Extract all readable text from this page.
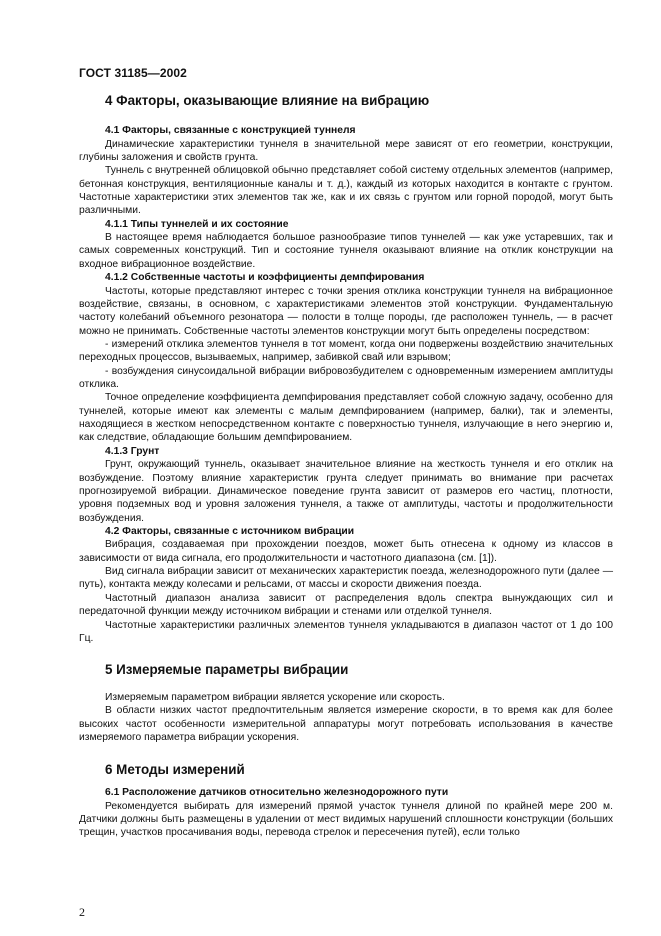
ГОСТ 31185—2002
4 Факторы, оказывающие влияние на вибрацию
4.1 Факторы, связанные с конструкцией туннеля

Динамические характеристики туннеля в значительной мере зависят от его геометрии, конструкции, глубины заложения и свойств грунта.

Туннель с внутренней облицовкой обычно представляет собой систему отдельных элементов (например, бетонная конструкция, вентиляционные каналы и т. д.), каждый из которых находится в контакте с грунтом. Частотные характеристики этих элементов так же, как и их связь с грунтом или горной породой, могут быть различными.

4.1.1 Типы туннелей и их состояние

В настоящее время наблюдается большое разнообразие типов туннелей — как уже устаревших, так и самых современных конструкций. Тип и состояние туннеля оказывают влияние на отклик конструкции на входное вибрационное воздействие.

4.1.2 Собственные частоты и коэффициенты демпфирования

Частоты, которые представляют интерес с точки зрения отклика конструкции туннеля на вибрационное воздействие, связаны, в основном, с характеристиками элементов этой конструкции. Фундаментальную частоту колебаний объемного резонатора — полости в толще породы, где расположен туннель, — в расчет можно не принимать. Собственные частоты элементов конструкции могут быть определены посредством:

- измерений отклика элементов туннеля в тот момент, когда они подвержены воздействию значительных переходных процессов, вызываемых, например, забивкой свай или взрывом;

- возбуждения синусоидальной вибрации вибровозбудителем с одновременным измерением амплитуды отклика.

Точное определение коэффициента демпфирования представляет собой сложную задачу, особенно для туннелей, которые имеют как элементы с малым демпфированием (например, балки), так и элементы, находящиеся в жестком непосредственном контакте с поверхностью туннеля, излучающие в него энергию и, как следствие, обладающие большим демпфированием.

4.1.3 Грунт

Грунт, окружающий туннель, оказывает значительное влияние на жесткость туннеля и его отклик на возбуждение. Поэтому влияние характеристик грунта следует принимать во внимание при расчетах прогнозируемой вибрации. Динамическое поведение грунта зависит от размеров его частиц, плотности, уровня подземных вод и уровня заложения туннеля, а также от амплитуды, частоты и продолжительности возбуждения.

4.2 Факторы, связанные с источником вибрации

Вибрация, создаваемая при прохождении поездов, может быть отнесена к одному из классов в зависимости от вида сигнала, его продолжительности и частотного диапазона (см. [1]).

Вид сигнала вибрации зависит от механических характеристик поезда, железнодорожного пути (далее — путь), контакта между колесами и рельсами, от массы и скорости движения поезда.

Частотный диапазон анализа зависит от распределения вдоль спектра вынуждающих сил и передаточной функции между источником вибрации и стенами или отделкой туннеля.

Частотные характеристики различных элементов туннеля укладываются в диапазон частот от 1 до 100 Гц.

5 Измеряемые параметры вибрации

Измеряемым параметром вибрации является ускорение или скорость.

В области низких частот предпочтительным является измерение скорости, в то время как для более высоких частот особенности измерительной аппаратуры могут потребовать использования в качестве измеряемого параметра вибрации ускорения.

6 Методы измерений
6.1 Расположение датчиков относительно железнодорожного пути

Рекомендуется выбирать для измерений прямой участок туннеля длиной по крайней мере 200 м. Датчики должны быть размещены в удалении от мест видимых нарушений сплошности конструкции (больших трещин, участков просачивания воды, перевода стрелок и пересечения путей), если только

2
